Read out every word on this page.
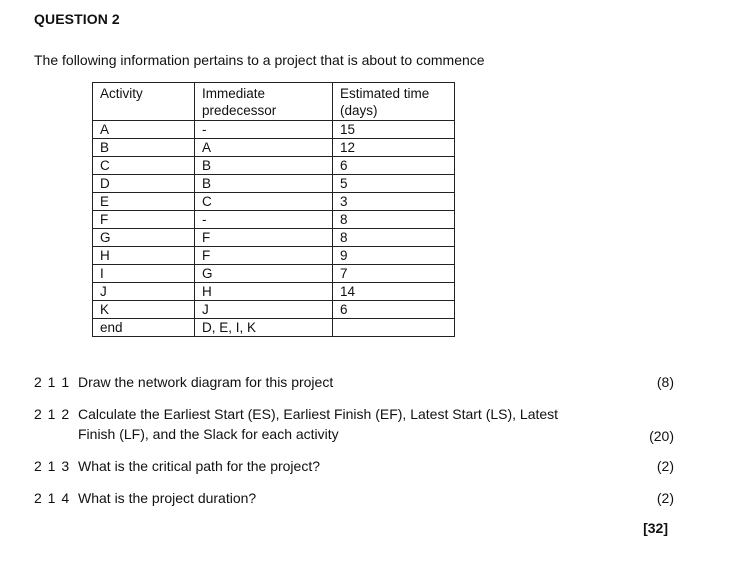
QUESTION 2
The following information pertains to a project that is about to commence
Activity	Immediate predecessor	Estimated time (days)
A	-	15
B	A	12
C	B	6
D	B	5
E	C	3
F	-	8
G	F	8
H	F	9
I	G	7
J	H	14
K	J	6
end	D, E, I, K	
2 1 1 Draw the network diagram for this project	(8)
2 1 2 Calculate the Earliest Start (ES), Earliest Finish (EF), Latest Start (LS), Latest Finish (LF), and the Slack for each activity	(20)
2 1 3 What is the critical path for the project?	(2)
2 1 4 What is the project duration?	(2)
[32]
